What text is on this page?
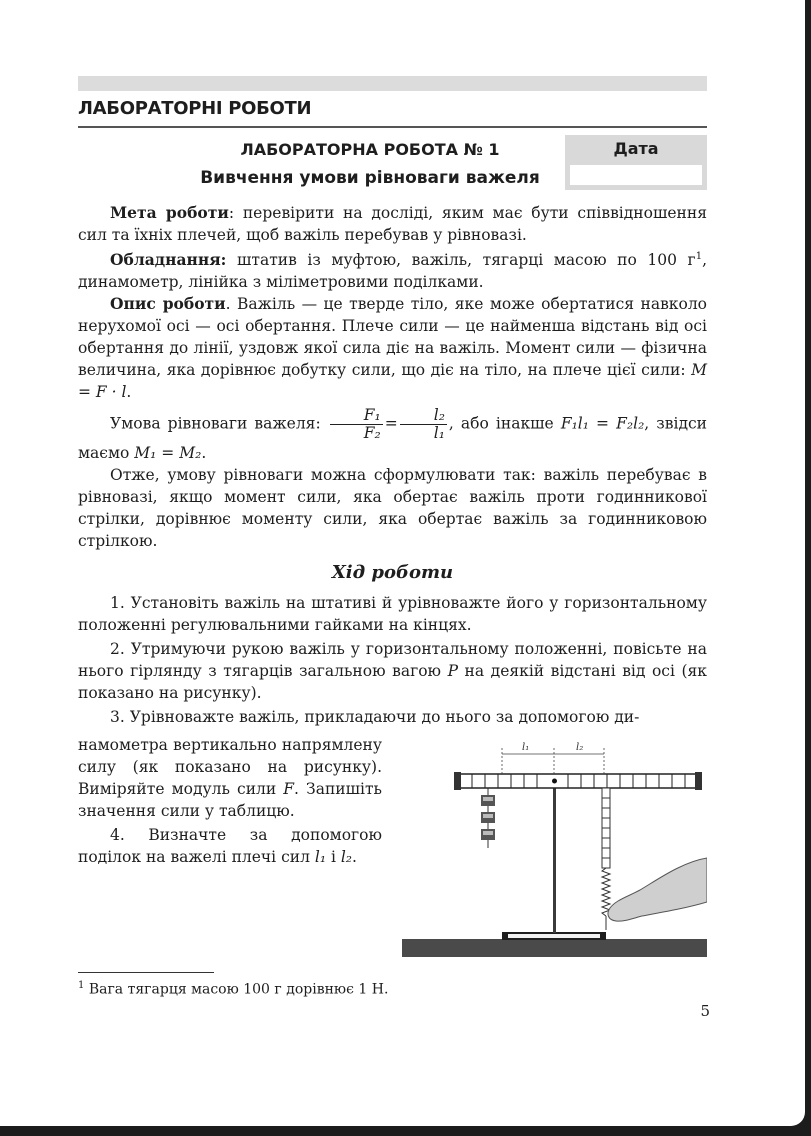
ЛАБОРАТОРНІ РОБОТИ
ЛАБОРАТОРНА РОБОТА № 1
Вивчення умови рівноваги важеля
Дата

Мета роботи: перевірити на досліді, яким має бути співвідношення сил та їхніх плечей, щоб важіль перебував у рівновазі.

Обладнання: штатив із муфтою, важіль, тягарці масою по 100 $г^1$, динамометр, лінійка з міліметровими поділками.

Опис роботи. Важіль — це тверде тіло, яке може обертатися навколо нерухомої осі — осі обертання. Плече сили — це найменша відстань від осі обертання до лінії, уздовж якої сила діє на важіль. Момент сили — фізична величина, яка дорівнює добутку сили, що діє на тіло, на плече цієї сили: M = F · l.

Умова рівноваги важеля: $\frac{\text{F₁}}{\text{F₂}} = \frac{\text{l₂}}{\text{l₁}}$ , або інакше F₁l₁ = F₂l₂, звідси маємо M₁ = M₂.

Отже, умову рівноваги можна сформулювати так: важіль перебуває в рівновазі, якщо момент сили, яка обертає важіль проти годинникової стрілки, дорівнює моменту сили, яка обертає важіль за годинниковою стрілкою.

Хід роботи

1. Установіть важіль на штативі й урівноважте його у горизонтальному положенні регулювальними гайками на кінцях.

2. Утримуючи рукою важіль у горизонтальному положенні, повісьте на нього гірлянду з тягарців загальною вагою P на деякій відстані від осі (як показано на рисунку).

3. Урівноважте важіль, прикладаючи до нього за допомогою ди-

намометра вертикально напрямлену силу (як показано на рисунку). Виміряйте модуль сили F. Запишіть значення сили у таблицю.

4. Визначте за допомогою поділок на важелі плечі сил l₁ і l₂.

l₁	l₂
$^1$ Вага тягарця масою 100 г дорівнює 1 Н.
5
